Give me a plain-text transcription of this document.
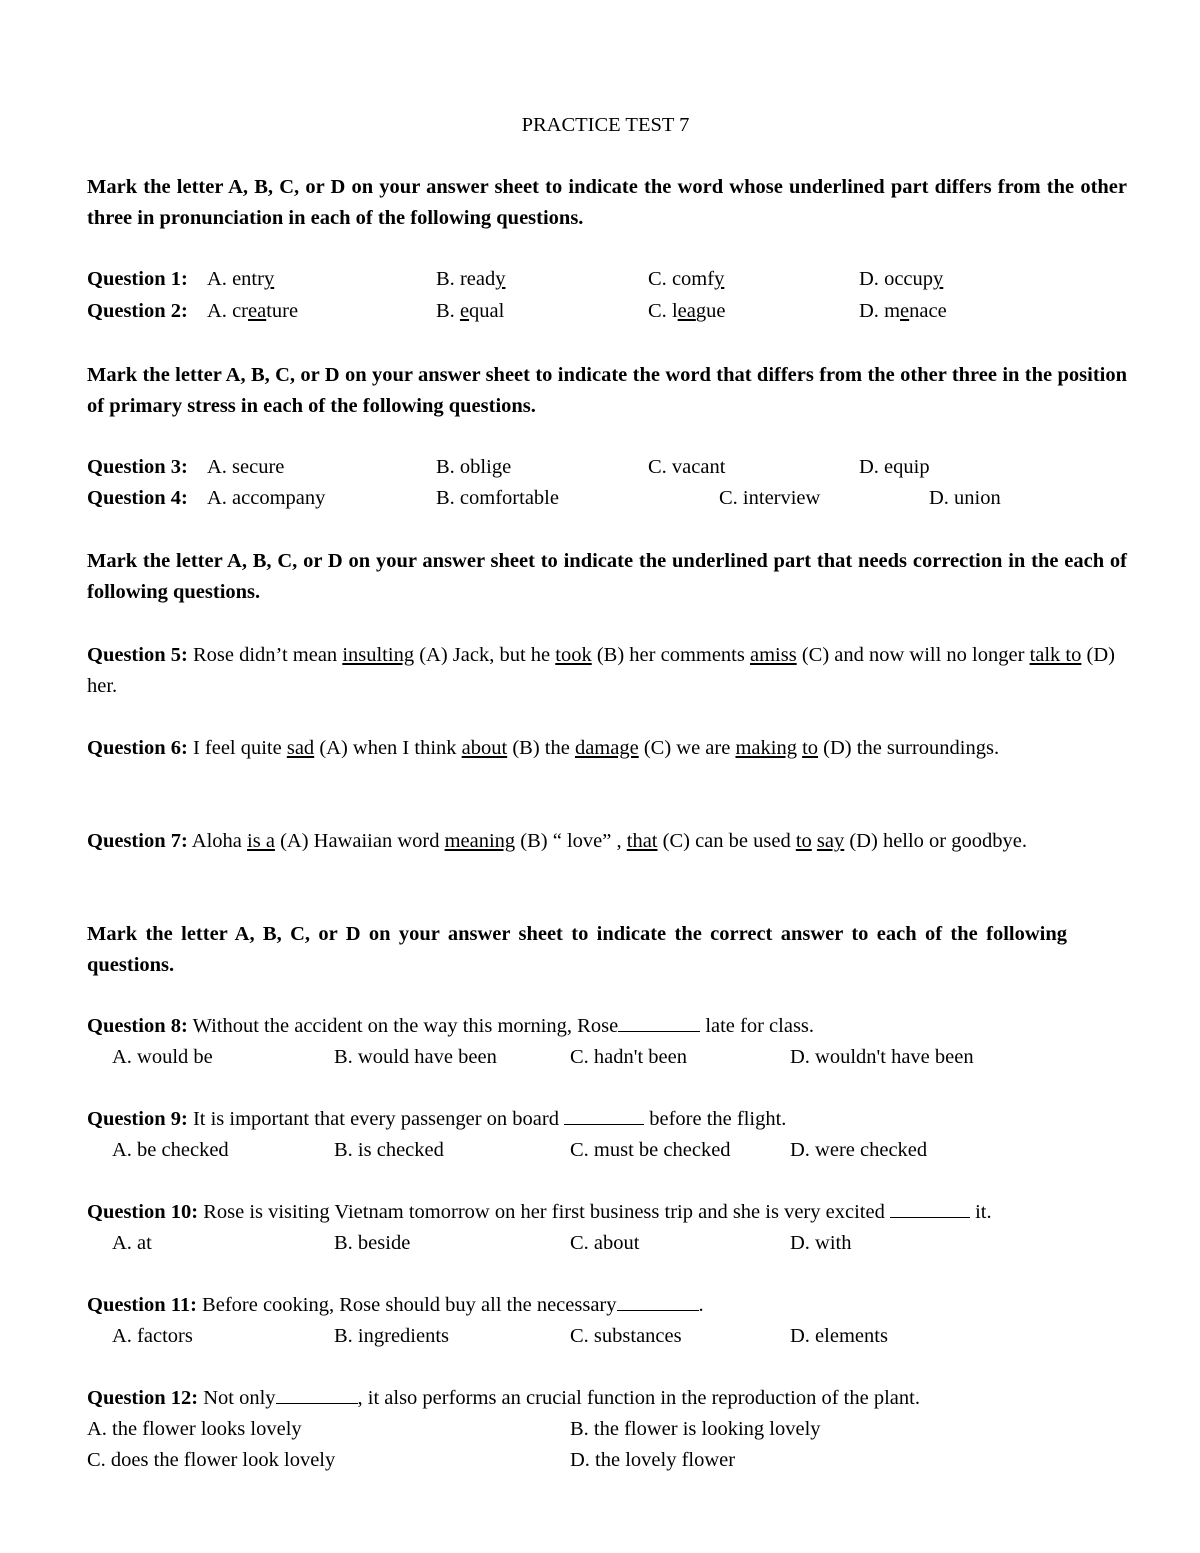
PRACTICE TEST 7
Mark the letter A, B, C, or D on your answer sheet to indicate the word whose underlined part differs from the other three in pronunciation in each of the following questions.
Question 1: A. entry	B. ready	C. comfy	D. occupy
Question 2: A. creature	B. equal	C. league	D. menace
Mark the letter A, B, C, or D on your answer sheet to indicate the word that differs from the other three in the position of primary stress in each of the following questions.
Question 3: A. secure	B. oblige	C. vacant	D. equip
Question 4: A. accompany	B. comfortable	C. interview	D. union
Mark the letter A, B, C, or D on your answer sheet to indicate the underlined part that needs correction in the each of following questions.
Question 5: Rose didn’t mean insulting (A) Jack, but he took (B) her comments amiss (C) and now will no longer talk to (D) her.
Question 6: I feel quite sad (A) when I think about (B) the damage (C) we are making to (D) the surroundings.
Question 7: Aloha is a (A) Hawaiian word meaning (B) “ love” , that (C) can be used to say (D) hello or goodbye.
Mark the letter A, B, C, or D on your answer sheet to indicate the correct answer to each of the following questions.
Question 8: Without the accident on the way this morning, Rose	late for class.
A. would be	B. would have been	C. hadn't been	D. wouldn't have been
Question 9: It is important that every passenger on board	before the flight.
A. be checked	B. is checked	C. must be checked	D. were checked
Question 10: Rose is visiting Vietnam tomorrow on her first business trip and she is very excited	it.
A. at	B. beside	C. about	D. with
Question 11: Before cooking, Rose should buy all the necessary	.
A. factors	B. ingredients	C. substances	D. elements
Question 12: Not only	, it also performs an crucial function in the reproduction of the plant.
A. the flower looks lovely	B. the flower is looking lovely
C. does the flower look lovely	D. the lovely flower
